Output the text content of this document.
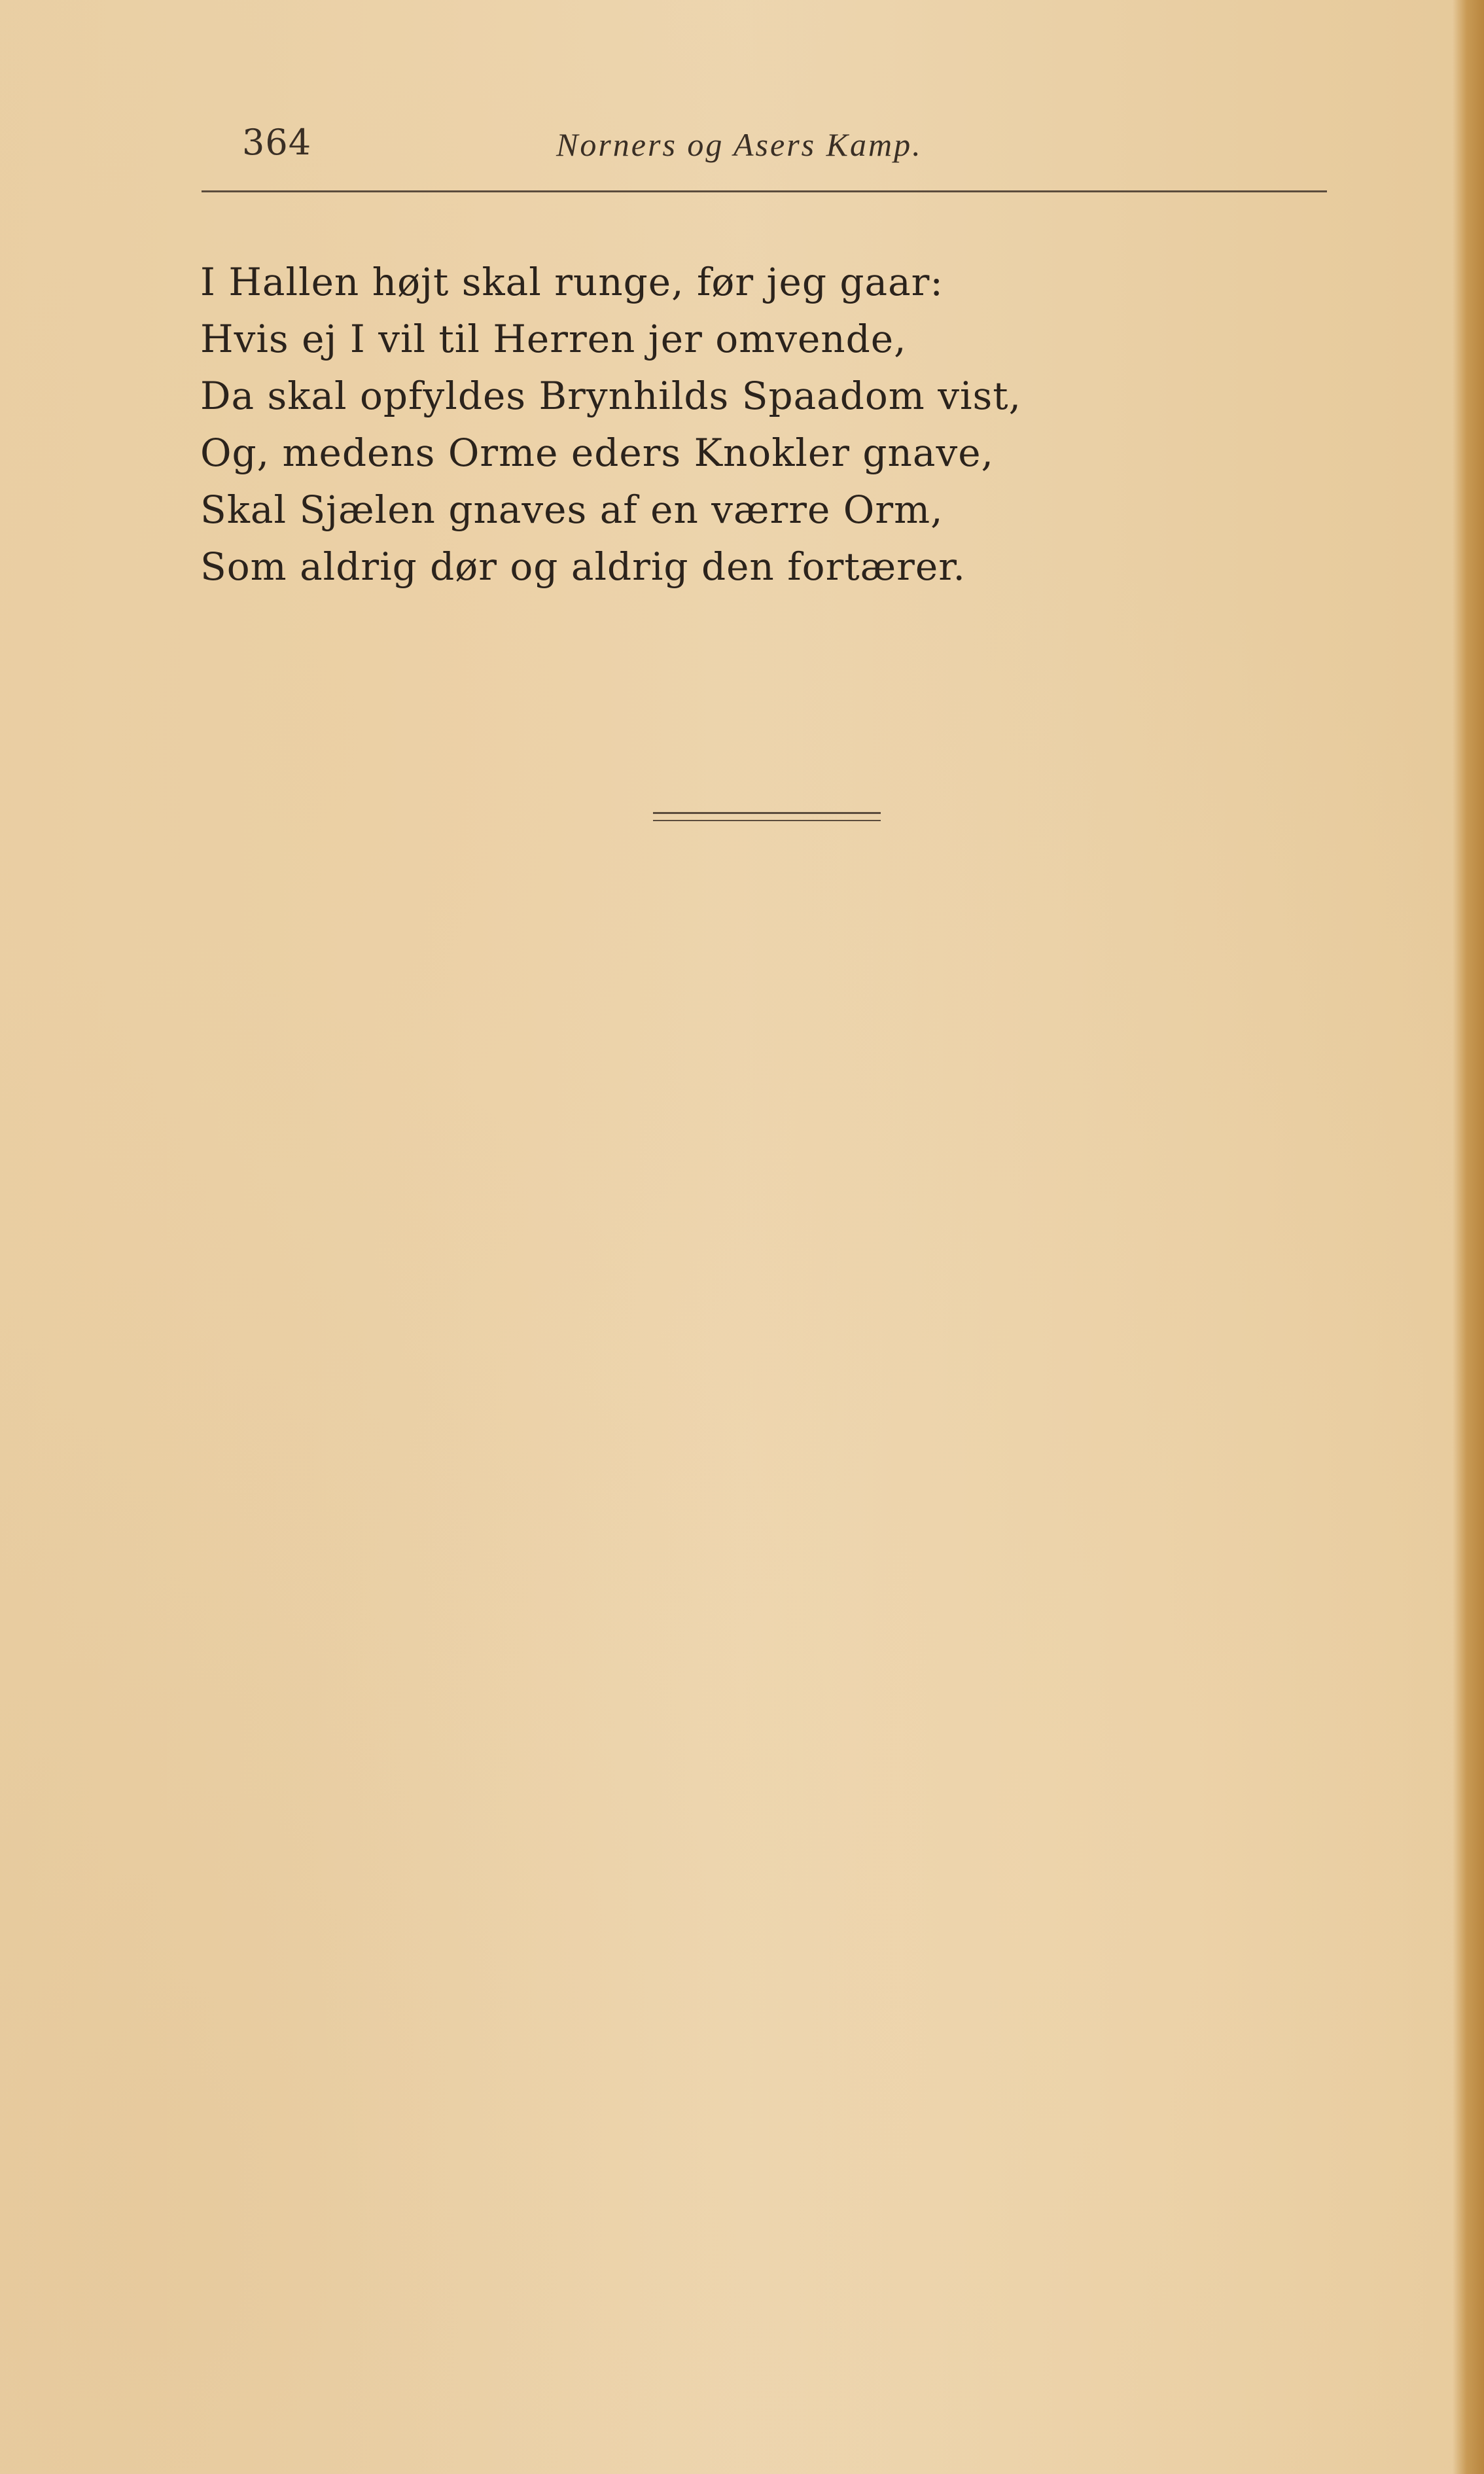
364	Norners og Asers Kamp.
I Hallen højt skal runge, før jeg gaar:
Hvis ej I vil til Herren jer omvende,
Da skal opfyldes Brynhilds Spaadom vist,
Og, medens Orme eders Knokler gnave,
Skal Sjælen gnaves af en værre Orm,
Som aldrig dør og aldrig den fortærer.
